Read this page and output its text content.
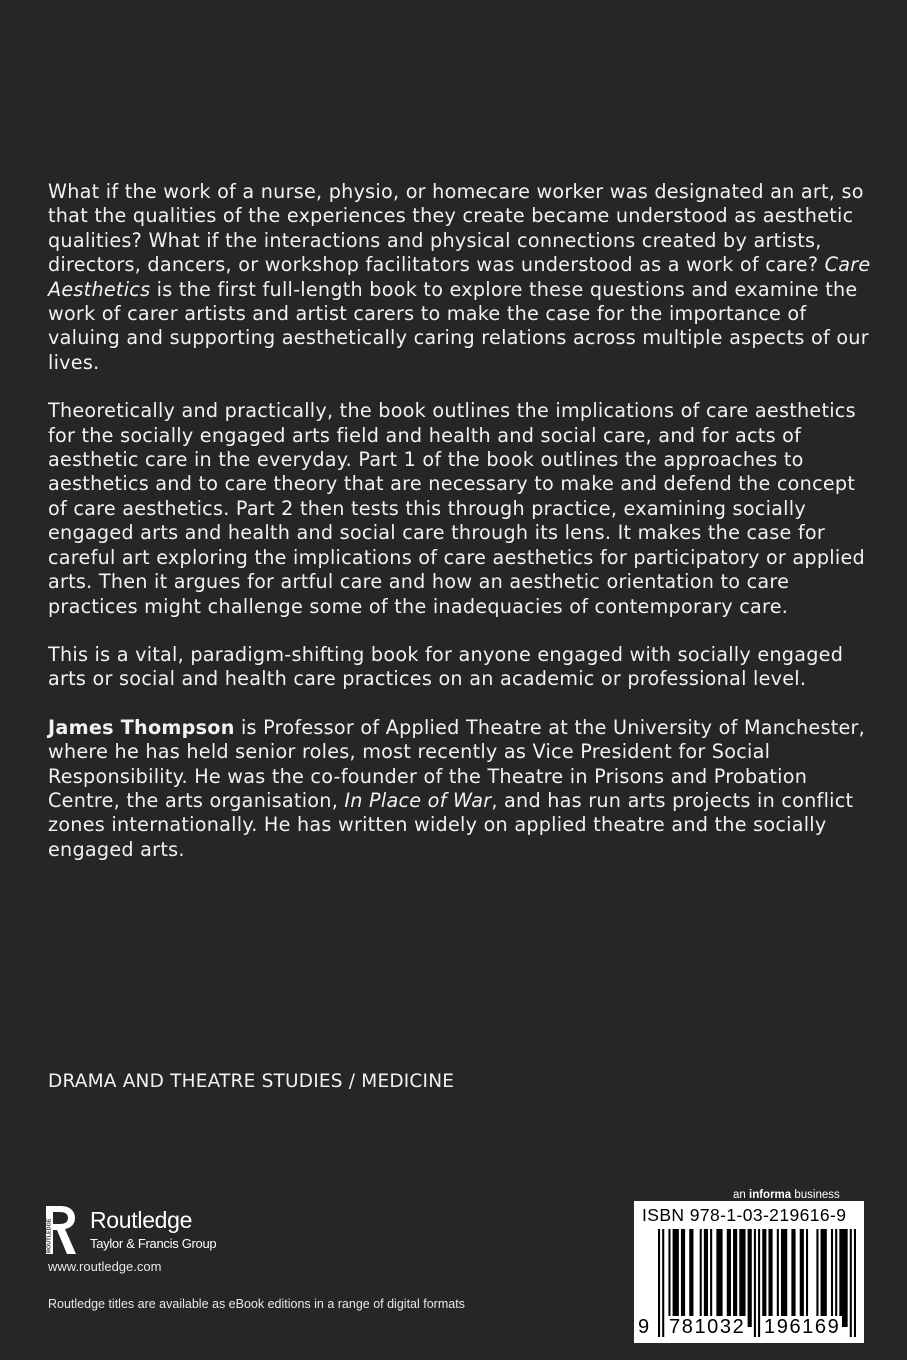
What if the work of a nurse, physio, or homecare worker was designated an art, so that the qualities of the experiences they create became understood as aesthetic qualities? What if the interactions and physical connections created by artists, directors, dancers, or workshop facilitators was understood as a work of care? Care Aesthetics is the first full-length book to explore these questions and examine the work of carer artists and artist carers to make the case for the importance of valuing and supporting aesthetically caring relations across multiple aspects of our lives.

Theoretically and practically, the book outlines the implications of care aesthetics for the socially engaged arts field and health and social care, and for acts of aesthetic care in the everyday. Part 1 of the book outlines the approaches to aesthetics and to care theory that are necessary to make and defend the concept of care aesthetics. Part 2 then tests this through practice, examining socially engaged arts and health and social care through its lens. It makes the case for careful art exploring the implications of care aesthetics for participatory or applied arts. Then it argues for artful care and how an aesthetic orientation to care practices might challenge some of the inadequacies of contemporary care.

This is a vital, paradigm-shifting book for anyone engaged with socially engaged arts or social and health care practices on an academic or professional level.

James Thompson is Professor of Applied Theatre at the University of Manchester, where he has held senior roles, most recently as Vice President for Social Responsibility. He was the co-founder of the Theatre in Prisons and Probation Centre, the arts organisation, In Place of War, and has run arts projects in conflict zones internationally. He has written widely on applied theatre and the socially engaged arts.

DRAMA AND THEATRE STUDIES / MEDICINE
ROUTLEDGE Routledge
Taylor & Francis Group
www.routledge.com
Routledge titles are available as eBook editions in a range of digital formats
an informa business
ISBN 978-1-03-219616-9
9 781032 196169
